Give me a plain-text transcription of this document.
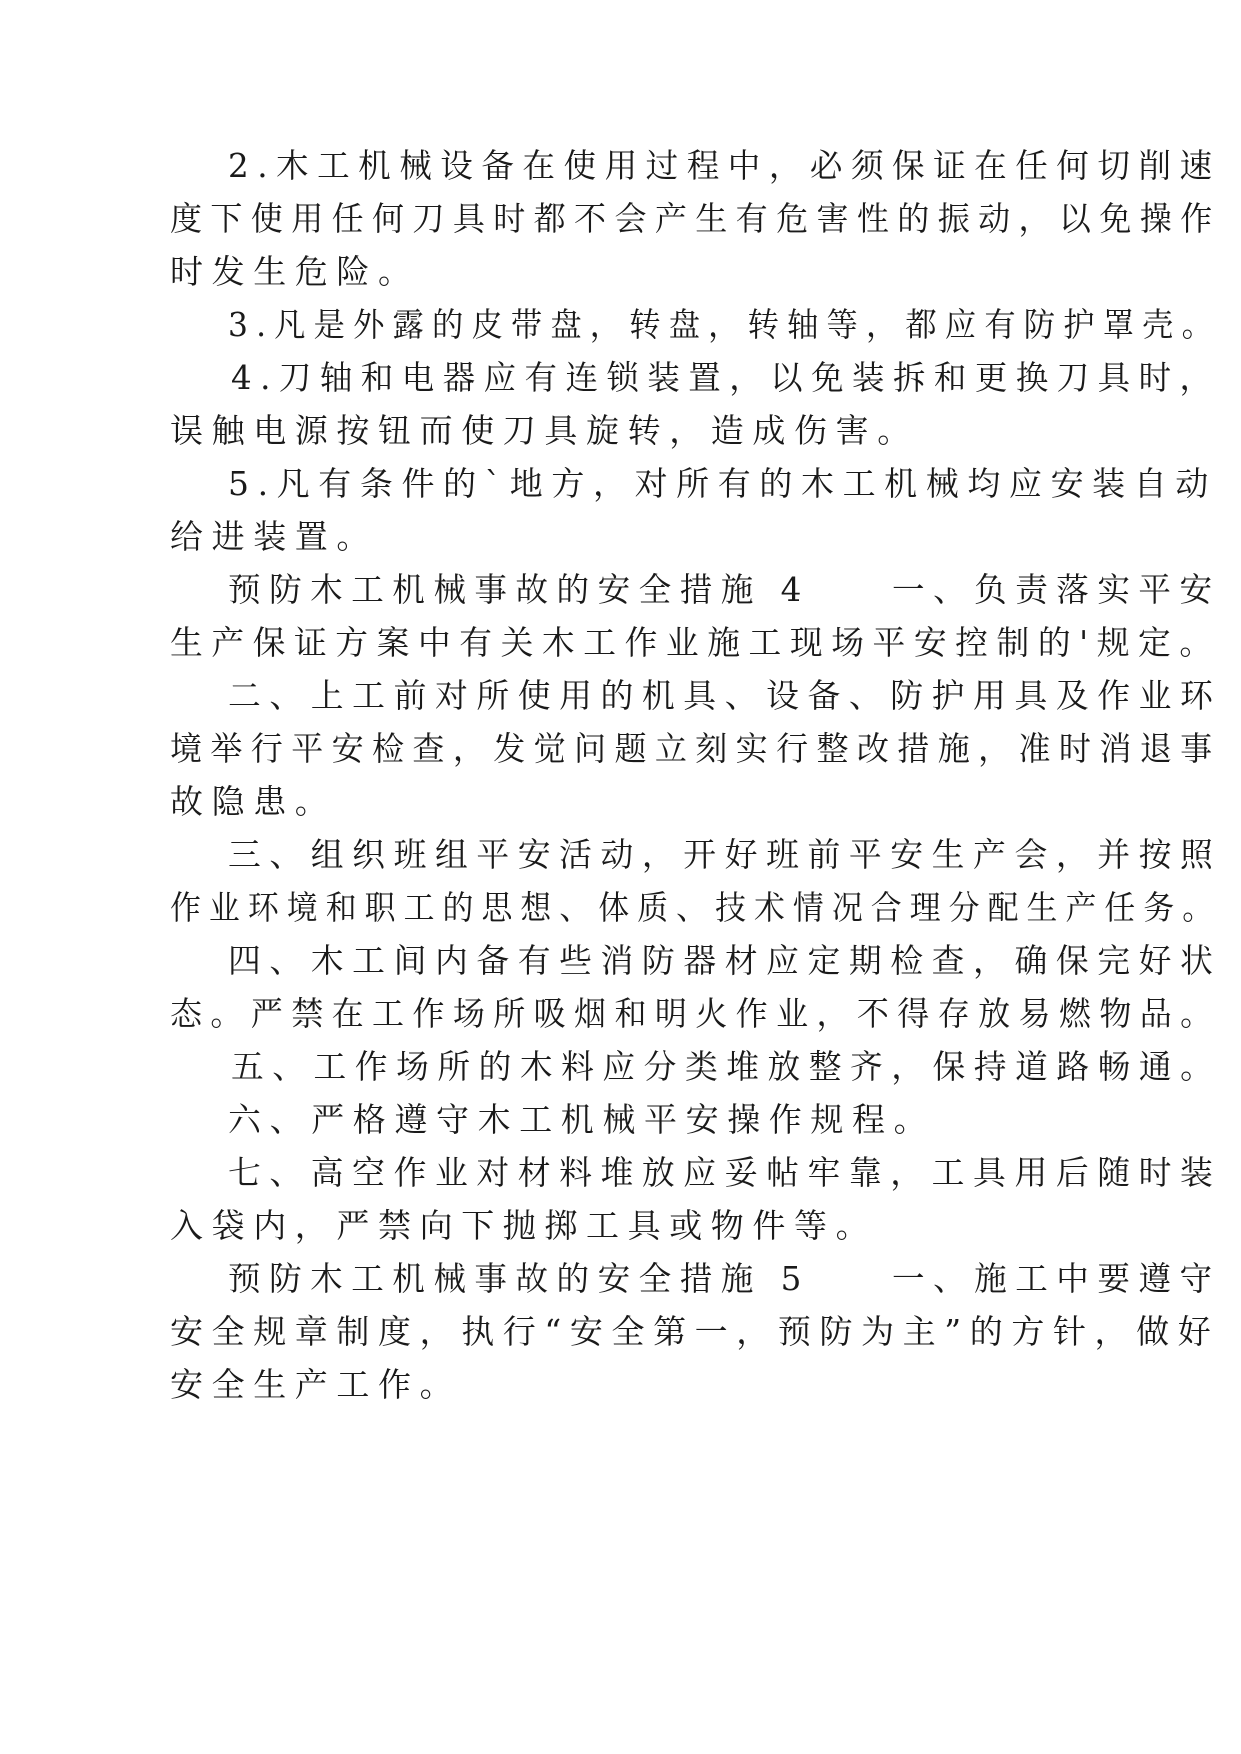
2.木工机械设备在使用过程中，必须保证在任何切削速
度下使用任何刀具时都不会产生有危害性的振动，以免操作
时发生危险。
3.凡是外露的皮带盘，转盘，转轴等，都应有防护罩壳。
4.刀轴和电器应有连锁装置，以免装拆和更换刀具时，
误触电源按钮而使刀具旋转，造成伤害。
5.凡有条件的`地方，对所有的木工机械均应安装自动
给进装置。
预防木工机械事故的安全措施 4　　一、负责落实平安
生产保证方案中有关木工作业施工现场平安控制的'规定。
二、上工前对所使用的机具、设备、防护用具及作业环
境举行平安检查，发觉问题立刻实行整改措施，准时消退事
故隐患。
三、组织班组平安活动，开好班前平安生产会，并按照
作业环境和职工的思想、体质、技术情况合理分配生产任务。
四、木工间内备有些消防器材应定期检查，确保完好状
态。严禁在工作场所吸烟和明火作业，不得存放易燃物品。
五、工作场所的木料应分类堆放整齐，保持道路畅通。
六、严格遵守木工机械平安操作规程。
七、高空作业对材料堆放应妥帖牢靠，工具用后随时装
入袋内，严禁向下抛掷工具或物件等。
预防木工机械事故的安全措施 5　　一、施工中要遵守
安全规章制度，执行“安全第一，预防为主”的方针，做好
安全生产工作。
